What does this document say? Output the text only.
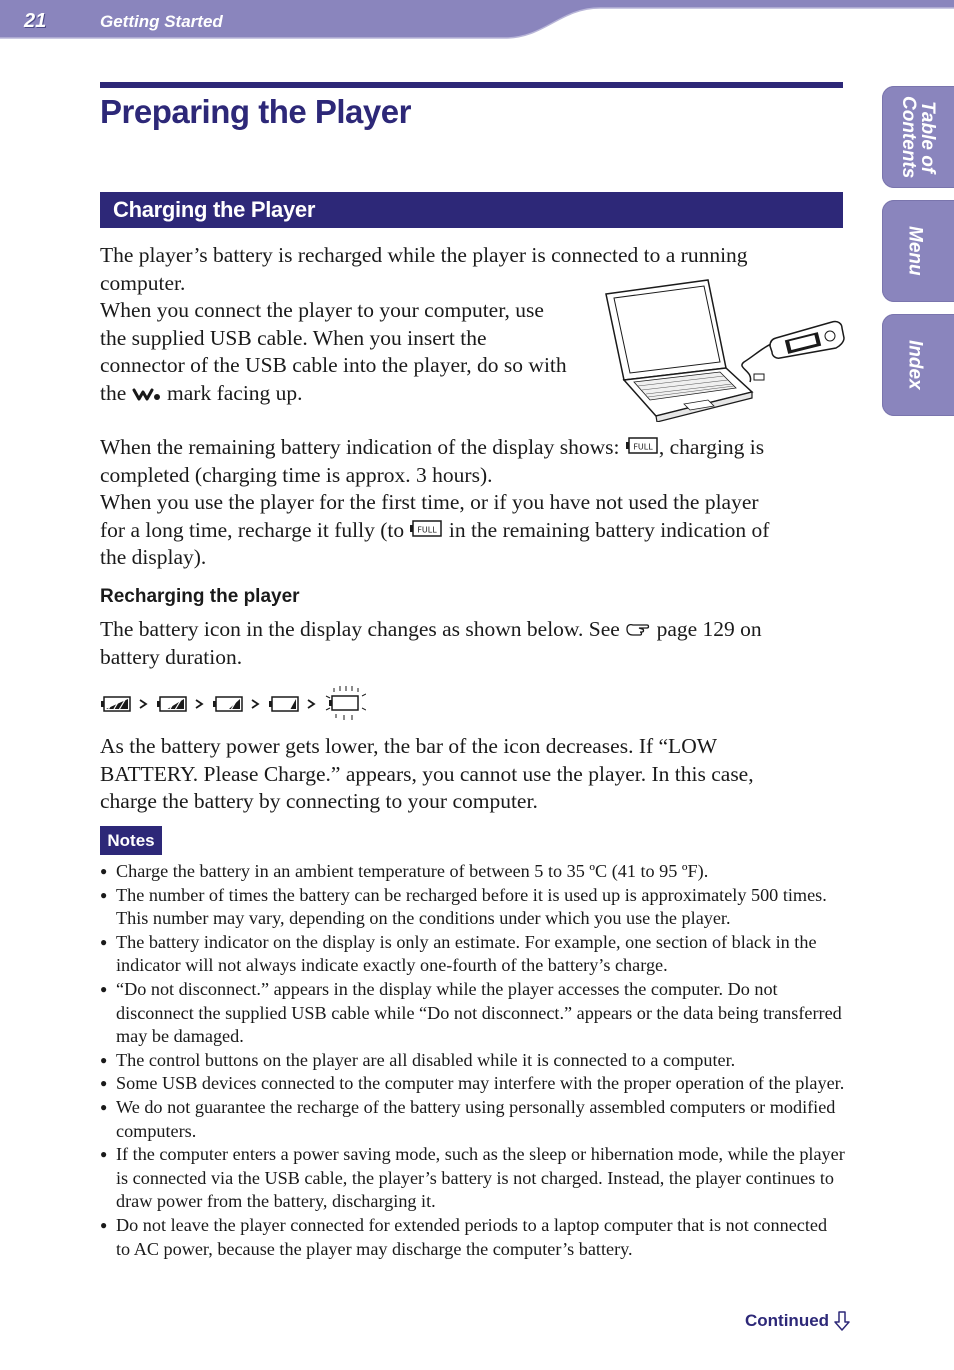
21	Getting Started
Table of Contents
Menu
Index
Preparing the Player
Charging the Player
The player’s battery is recharged while the player is connected to a running
computer.
When you connect the player to your computer, use
the supplied USB cable. When you insert the
connector of the USB cable into the player, do so with
the  mark facing up.
When the remaining battery indication of the display shows: FULL , charging is
completed (charging time is approx. 3 hours).
When you use the player for the first time, or if you have not used the player
for a long time, recharge it fully (to FULL in the remaining battery indication of
the display).
Recharging the player
The battery icon in the display changes as shown below. See  page 129 on
battery duration.
As the battery power gets lower, the bar of the icon decreases. If “LOW
BATTERY. Please Charge.” appears, you cannot use the player. In this case,
charge the battery by connecting to your computer.
Notes
● Charge the battery in an ambient temperature of between 5 to 35 ºC (41 to 95 ºF).
● The number of times the battery can be recharged before it is used up is approximately 500 times. This number may vary, depending on the conditions under which you use the player.
● The battery indicator on the display is only an estimate. For example, one section of black in the indicator will not always indicate exactly one-fourth of the battery’s charge.
● “Do not disconnect.” appears in the display while the player accesses the computer. Do not disconnect the supplied USB cable while “Do not disconnect.” appears or the data being transferred may be damaged.
● The control buttons on the player are all disabled while it is connected to a computer.
● Some USB devices connected to the computer may interfere with the proper operation of the player.
● We do not guarantee the recharge of the battery using personally assembled computers or modified computers.
● If the computer enters a power saving mode, such as the sleep or hibernation mode, while the player is connected via the USB cable, the player’s battery is not charged. Instead, the player continues to draw power from the battery, discharging it.
● Do not leave the player connected for extended periods to a laptop computer that is not connected to AC power, because the player may discharge the computer’s battery.
Continued
